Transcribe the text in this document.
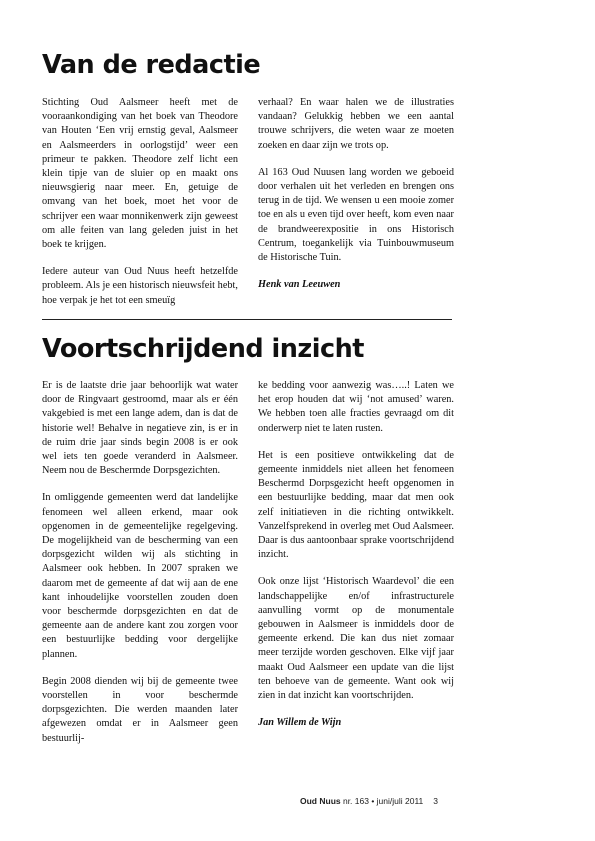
Van de redactie

Stichting Oud Aalsmeer heeft met de vooraankondiging van het boek van Theodore van Houten ‘Een vrij ernstig geval, Aalsmeer en Aalsmeerders in oorlogstijd’ weer een primeur te pakken. Theodore zelf licht een klein tipje van de sluier op en maakt ons nieuwsgierig naar meer. En, getuige de omvang van het boek, moet het voor de schrijver een waar monnikenwerk zijn geweest om alle feiten van lang geleden juist in het boek te krijgen.

Iedere auteur van Oud Nuus heeft hetzelfde probleem. Als je een historisch nieuwsfeit hebt, hoe verpak je het tot een smeuïg

verhaal? En waar halen we de illustraties vandaan? Gelukkig hebben we een aantal trouwe schrijvers, die weten waar ze moeten zoeken en daar zijn we trots op.

Al 163 Oud Nuusen lang worden we geboeid door verhalen uit het verleden en brengen ons terug in de tijd. We wensen u een mooie zomer toe en als u even tijd over heeft, kom even naar de brandweerexpositie in ons Historisch Centrum, toegankelijk via Tuinbouwmuseum de Historische Tuin.

Henk van Leeuwen

Voortschrijdend inzicht

Er is de laatste drie jaar behoorlijk wat water door de Ringvaart gestroomd, maar als er één vakgebied is met een lange adem, dan is dat de historie wel! Behalve in negatieve zin, is er in de ruim drie jaar sinds begin 2008 is er ook wel iets ten goede veranderd in Aalsmeer. Neem nou de Beschermde Dorpsgezichten.

In omliggende gemeenten werd dat landelijke fenomeen wel alleen erkend, maar ook opgenomen in de gemeentelijke regelgeving. De mogelijkheid van de bescherming van een dorpsgezicht wilden wij als stichting in Aalsmeer ook hebben. In 2007 spraken we daarom met de gemeente af dat wij aan de ene kant inhoudelijke voorstellen zouden doen voor beschermde dorpsgezichten en dat de gemeente aan de andere kant zou zorgen voor een bestuurlijke bedding voor dergelijke plannen.

Begin 2008 dienden wij bij de gemeente twee voorstellen in voor beschermde dorpsgezichten. Die werden maanden later afgewezen omdat er in Aalsmeer geen bestuurlij-

ke bedding voor aanwezig was…..! Laten we het erop houden dat wij ‘not amused’ waren. We hebben toen alle fracties gevraagd om dit onderwerp niet te laten rusten.

Het is een positieve ontwikkeling dat de gemeente inmiddels niet alleen het fenomeen Beschermd Dorpsgezicht heeft opgenomen in een bestuurlijke bedding, maar dat men ook zelf initiatieven in die richting ontwikkelt. Vanzelfsprekend in overleg met Oud Aalsmeer. Daar is dus aantoonbaar sprake voortschrijdend inzicht.

Ook onze lijst ‘Historisch Waardevol’ die een landschappelijke en/of infrastructurele aanvulling vormt op de monumentale gebouwen in Aalsmeer is inmiddels door de gemeente erkend. Die kan dus niet zomaar meer terzijde worden geschoven. Elke vijf jaar maakt Oud Aalsmeer een update van die lijst ten behoeve van de gemeente. Want ook wij zien in dat inzicht kan voortschrijden.

Jan Willem de Wijn

Oud Nuus nr. 163 • juni/juli 2011 3
